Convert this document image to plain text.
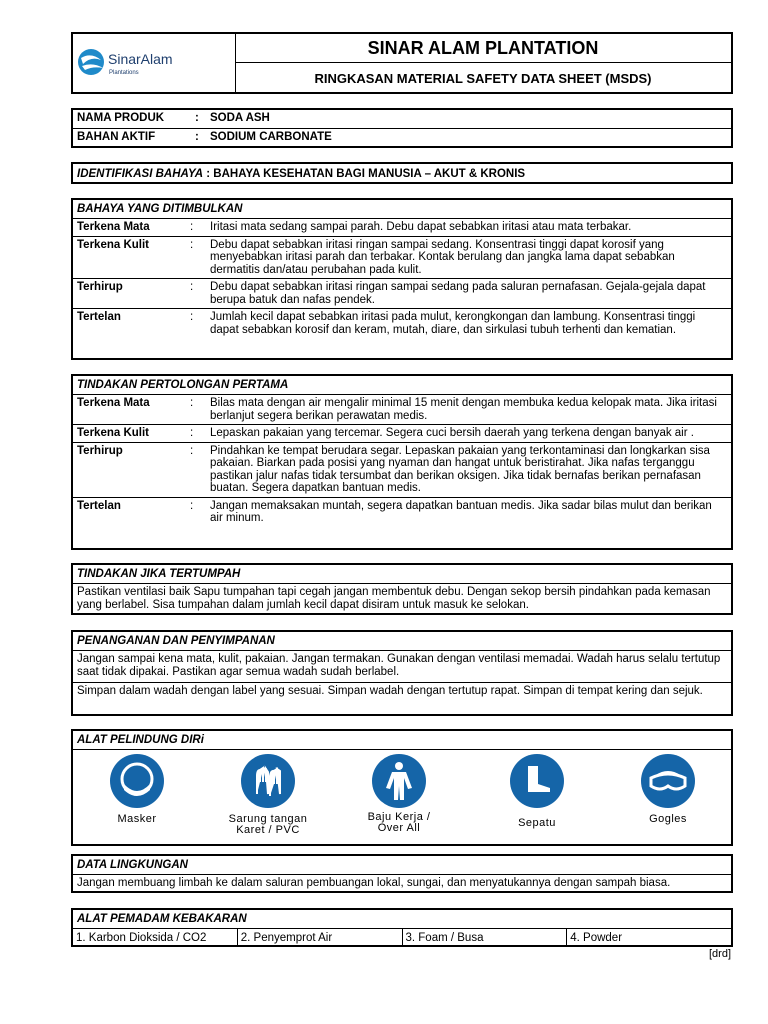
SinarAlam
Plantations
SINAR ALAM PLANTATION
RINGKASAN MATERIAL SAFETY DATA SHEET (MSDS)
NAMA PRODUK	: SODA ASH
BAHAN AKTIF	: SODIUM CARBONATE
IDENTIFIKASI BAHAYA : BAHAYA KESEHATAN BAGI MANUSIA – AKUT & KRONIS
BAHAYA YANG DITIMBULKAN
Terkena Mata	: Iritasi mata sedang sampai parah. Debu dapat sebabkan iritasi atau mata terbakar.
Terkena Kulit	: Debu dapat sebabkan iritasi ringan sampai sedang. Konsentrasi tinggi dapat korosif yang menyebabkan iritasi parah dan terbakar. Kontak berulang dan jangka lama dapat sebabkan dermatitis dan/atau perubahan pada kulit.
Terhirup	: Debu dapat sebabkan iritasi ringan sampai sedang pada saluran pernafasan. Gejala-gejala dapat berupa batuk dan nafas pendek.
Tertelan	: Jumlah kecil dapat sebabkan iritasi pada mulut, kerongkongan dan lambung. Konsentrasi tinggi dapat sebabkan korosif dan keram, mutah, diare, dan sirkulasi tubuh terhenti dan kematian.
TINDAKAN PERTOLONGAN PERTAMA
Terkena Mata	: Bilas mata dengan air mengalir minimal 15 menit dengan membuka kedua kelopak mata. Jika iritasi berlanjut segera berikan perawatan medis.
Terkena Kulit	: Lepaskan pakaian yang tercemar. Segera cuci bersih daerah yang terkena dengan banyak air .
Terhirup	: Pindahkan ke tempat berudara segar. Lepaskan pakaian yang terkontaminasi dan longkarkan sisa pakaian. Biarkan pada posisi yang nyaman dan hangat untuk beristirahat. Jika nafas terganggu pastikan jalur nafas tidak tersumbat dan berikan oksigen. Jika tidak bernafas berikan pernafasan buatan. Segera dapatkan bantuan medis.
Tertelan	: Jangan memaksakan muntah, segera dapatkan bantuan medis. Jika sadar bilas mulut dan berikan air minum.
TINDAKAN JIKA TERTUMPAH
Pastikan ventilasi baik Sapu tumpahan tapi cegah jangan membentuk debu. Dengan sekop bersih pindahkan pada kemasan yang berlabel. Sisa tumpahan dalam jumlah kecil dapat disiram untuk masuk ke selokan.
PENANGANAN DAN PENYIMPANAN
Jangan sampai kena mata, kulit, pakaian. Jangan termakan. Gunakan dengan ventilasi memadai. Wadah harus selalu tertutup saat tidak dipakai. Pastikan agar semua wadah sudah berlabel.
Simpan dalam wadah dengan label yang sesuai. Simpan wadah dengan tertutup rapat. Simpan di tempat kering dan sejuk.
ALAT PELINDUNG DIRi
Masker	Sarung tangan
Karet / PVC
Baju Kerja /
Over All	Sepatu	Gogles
DATA LINGKUNGAN
Jangan membuang limbah ke dalam saluran pembuangan lokal, sungai, dan menyatukannya dengan sampah biasa.
ALAT PEMADAM KEBAKARAN
1. Karbon Dioksida / CO2	2. Penyemprot Air	3. Foam / Busa	4. Powder
[drd]
